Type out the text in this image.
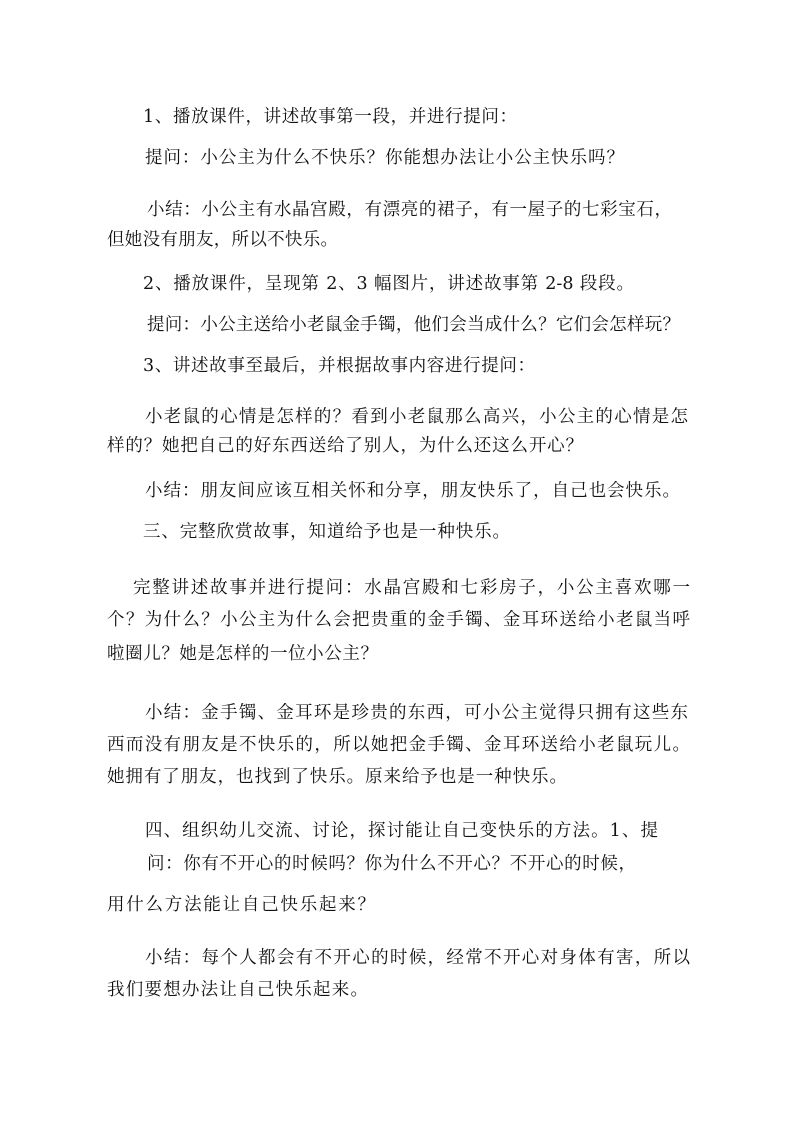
1、播放课件，讲述故事第一段，并进行提问：
提问：小公主为什么不快乐？你能想办法让小公主快乐吗？
小结：小公主有水晶宫殿，有漂亮的裙子，有一屋子的七彩宝石，
但她没有朋友，所以不快乐。
2、播放课件，呈现第 2、3 幅图片，讲述故事第 2-8 段段。
提问：小公主送给小老鼠金手镯，他们会当成什么？它们会怎样玩？
3、讲述故事至最后，并根据故事内容进行提问：
小老鼠的心情是怎样的？看到小老鼠那么高兴，小公主的心情是怎
样的？她把自己的好东西送给了别人，为什么还这么开心？
小结：朋友间应该互相关怀和分享，朋友快乐了，自己也会快乐。
三、完整欣赏故事，知道给予也是一种快乐。
完整讲述故事并进行提问：水晶宫殿和七彩房子，小公主喜欢哪一
个？为什么？小公主为什么会把贵重的金手镯、金耳环送给小老鼠当呼
啦圈儿？她是怎样的一位小公主？
小结：金手镯、金耳环是珍贵的东西，可小公主觉得只拥有这些东
西而没有朋友是不快乐的，所以她把金手镯、金耳环送给小老鼠玩儿。
她拥有了朋友，也找到了快乐。原来给予也是一种快乐。
四、组织幼儿交流、讨论，探讨能让自己变快乐的方法。1、提
问：你有不开心的时候吗？你为什么不开心？不开心的时候，
用什么方法能让自己快乐起来？
小结：每个人都会有不开心的时候，经常不开心对身体有害，所以
我们要想办法让自己快乐起来。
